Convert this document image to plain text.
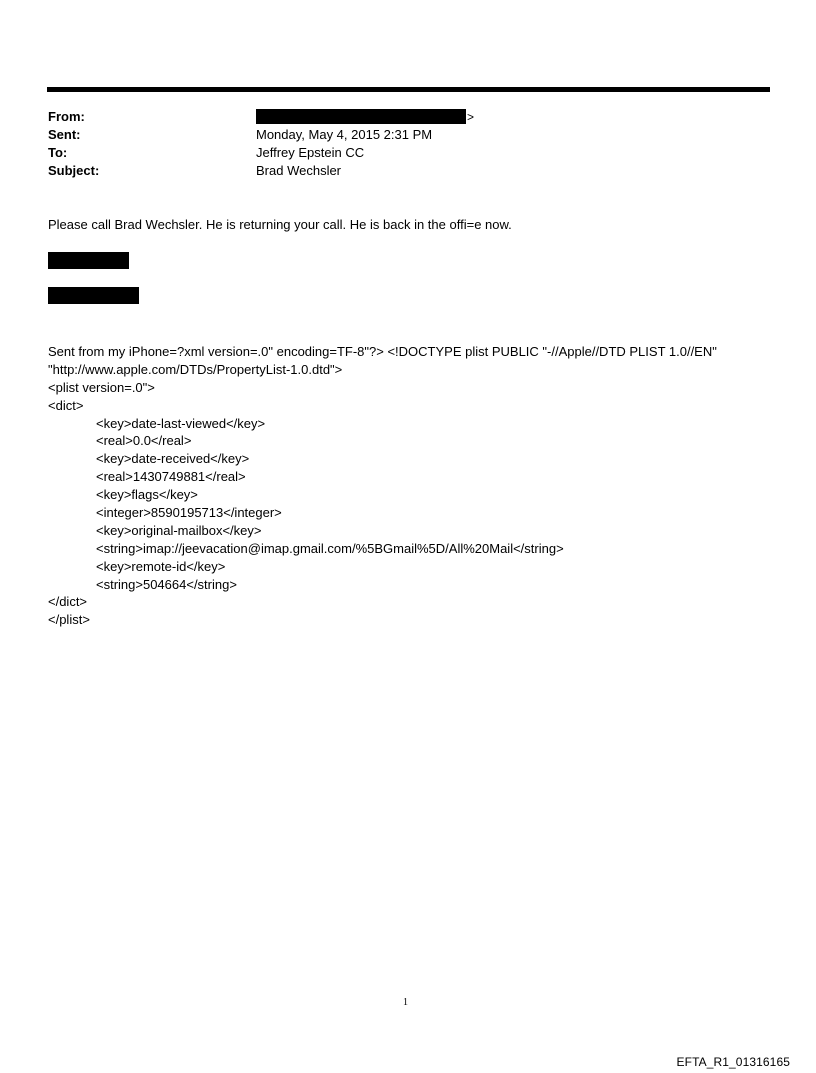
From:	>
Sent:	Monday, May 4, 2015 2:31 PM
To:	Jeffrey Epstein CC
Subject:	Brad Wechsler
Please call Brad Wechsler. He is returning your call. He is back in the offi=e now.
Sent from my iPhone=?xml version=.0" encoding=TF-8"?> <!DOCTYPE plist PUBLIC "-//Apple//DTD PLIST 1.0//EN"
"http://www.apple.com/DTDs/PropertyList-1.0.dtd">
<plist version=.0">
<dict>
<key>date-last-viewed</key>
<real>0.0</real>
<key>date-received</key>
<real>1430749881</real>
<key>flags</key>
<integer>8590195713</integer>
<key>original-mailbox</key>
<string>imap://jeevacation@imap.gmail.com/%5BGmail%5D/All%20Mail</string>
<key>remote-id</key>
<string>504664</string>
</dict>
</plist>
1
EFTA_R1_01316165
